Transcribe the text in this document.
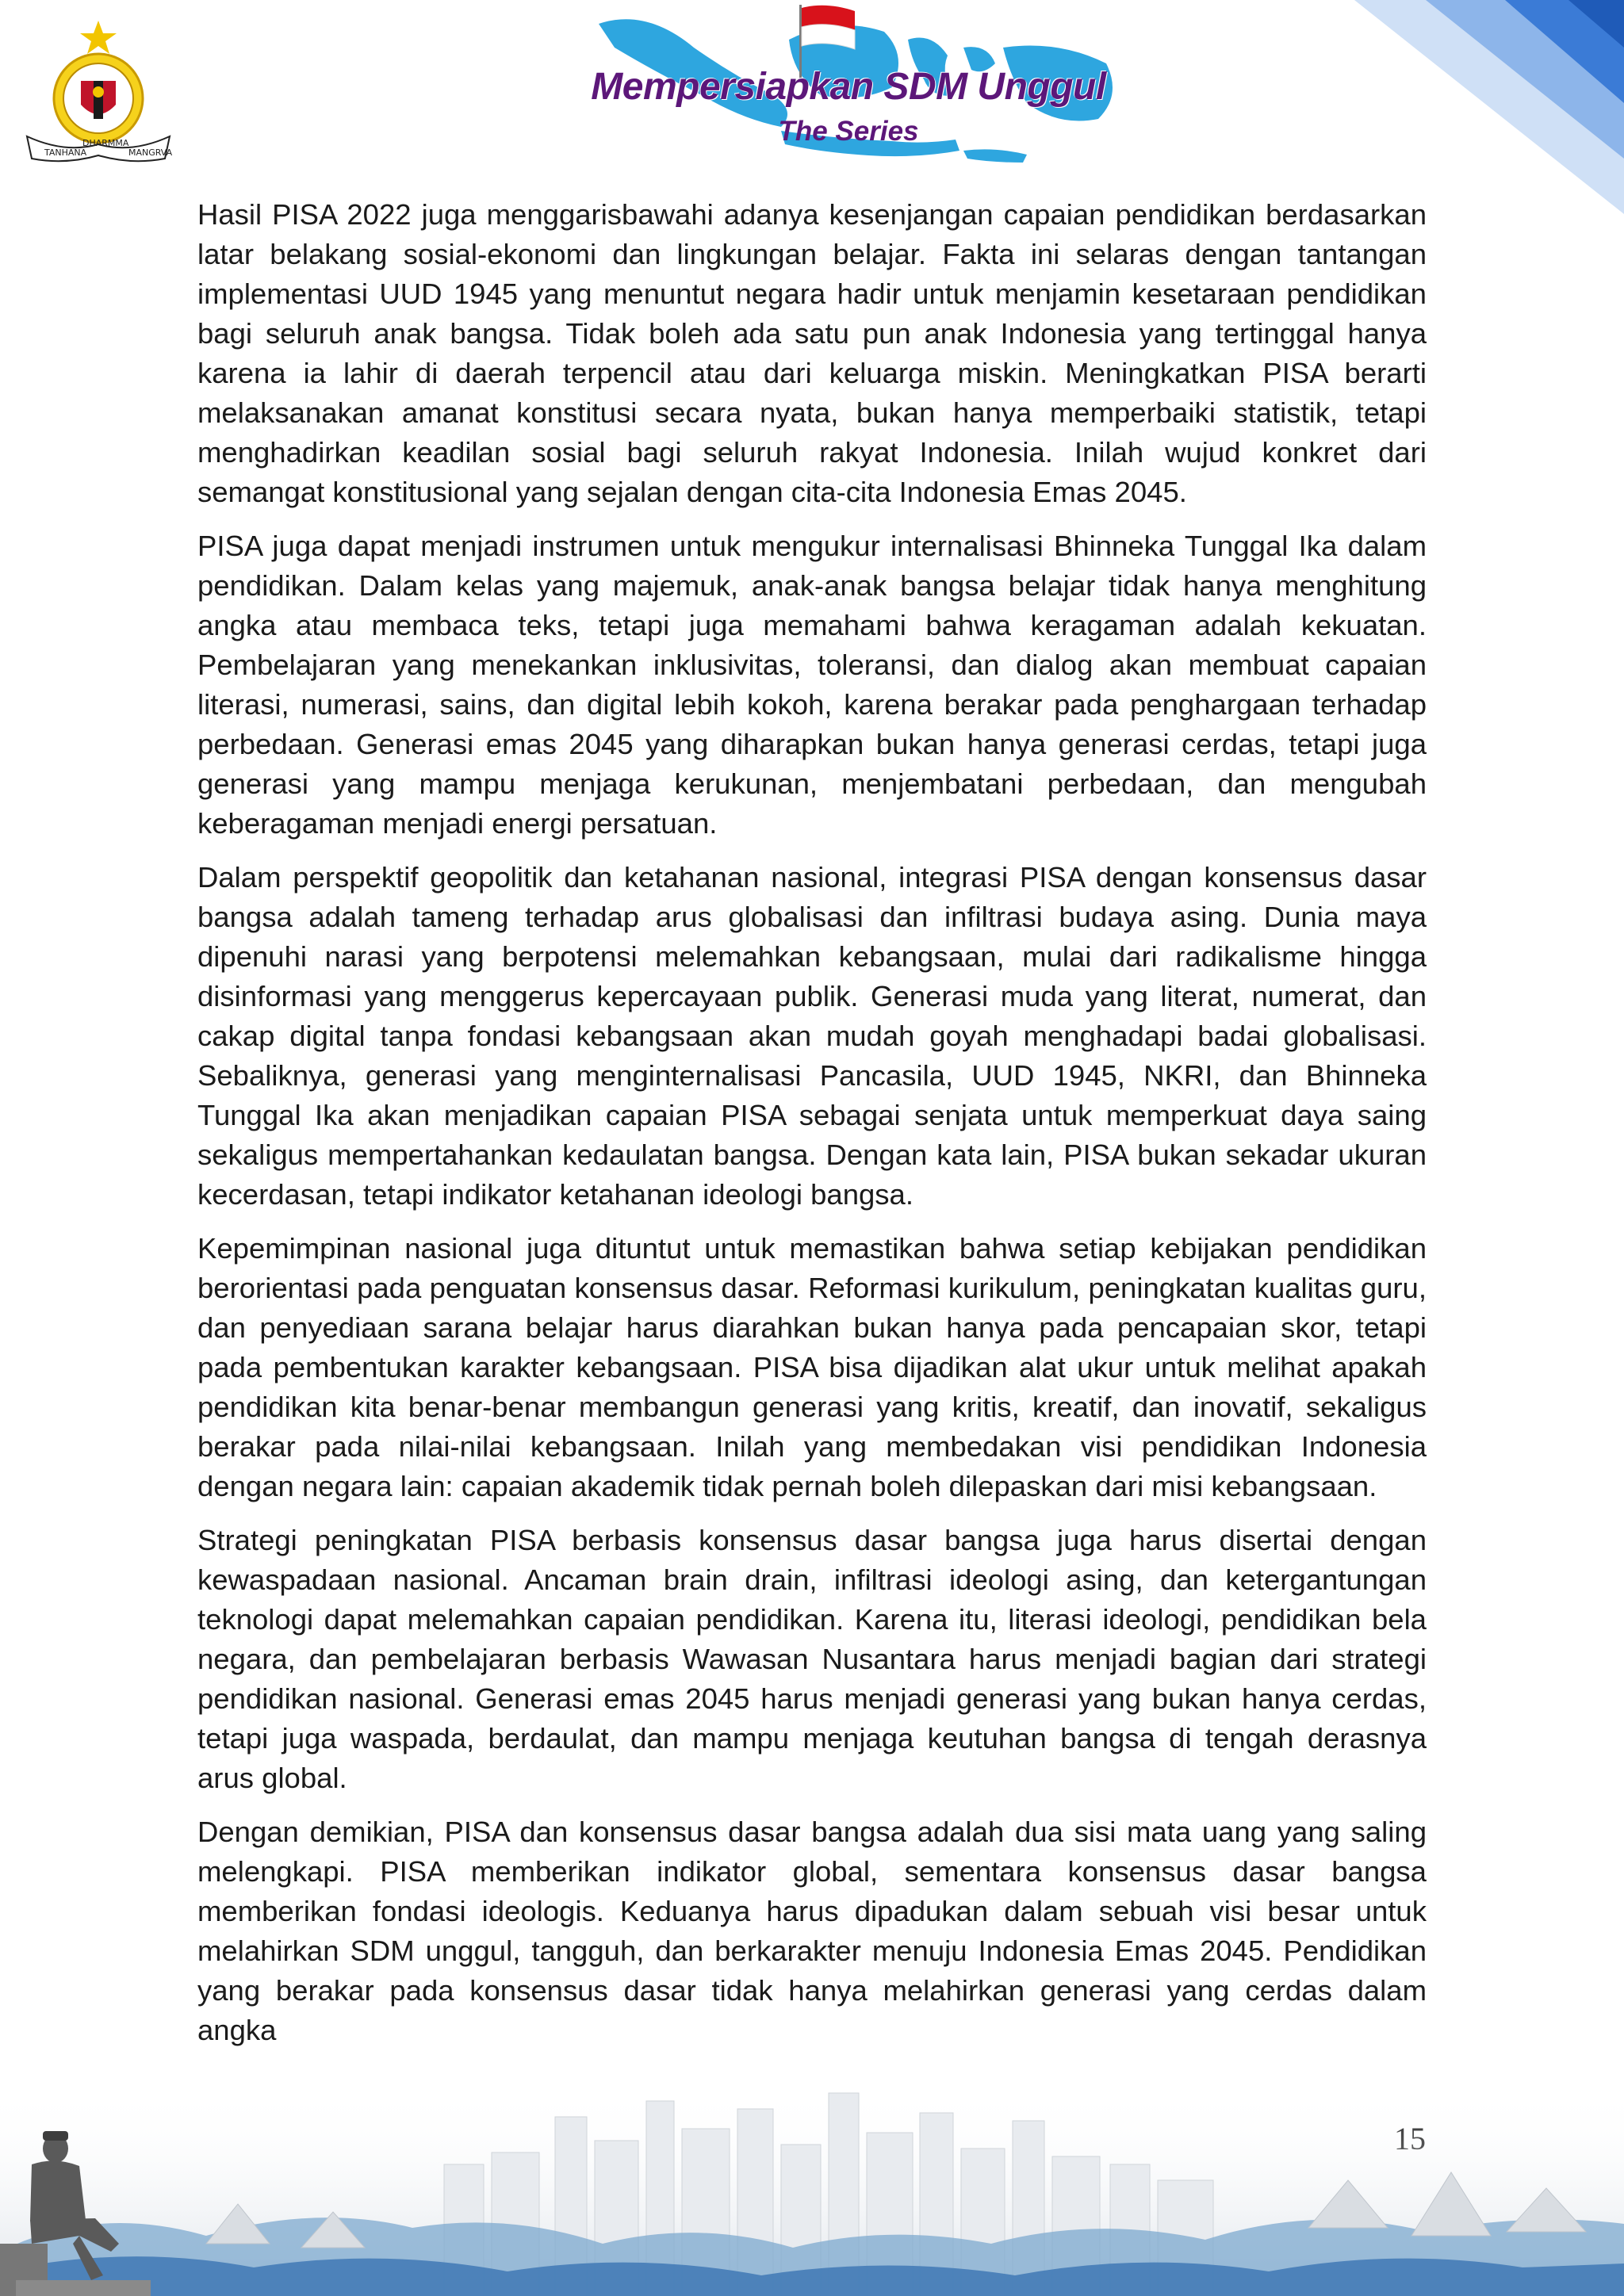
TANHANA
DHARMMA
MANGRVA
Mempersiapkan SDM Unggul
The Series

Hasil PISA 2022 juga menggarisbawahi adanya kesenjangan capaian pendidikan berdasarkan latar belakang sosial-ekonomi dan lingkungan belajar. Fakta ini selaras dengan tantangan implementasi UUD 1945 yang menuntut negara hadir untuk menjamin kesetaraan pendidikan bagi seluruh anak bangsa. Tidak boleh ada satu pun anak Indonesia yang tertinggal hanya karena ia lahir di daerah terpencil atau dari keluarga miskin. Meningkatkan PISA berarti melaksanakan amanat konstitusi secara nyata, bukan hanya memperbaiki statistik, tetapi menghadirkan keadilan sosial bagi seluruh rakyat Indonesia. Inilah wujud konkret dari semangat konstitusional yang sejalan dengan cita-cita Indonesia Emas 2045.

PISA juga dapat menjadi instrumen untuk mengukur internalisasi Bhinneka Tunggal Ika dalam pendidikan. Dalam kelas yang majemuk, anak-anak bangsa belajar tidak hanya menghitung angka atau membaca teks, tetapi juga memahami bahwa keragaman adalah kekuatan. Pembelajaran yang menekankan inklusivitas, toleransi, dan dialog akan membuat capaian literasi, numerasi, sains, dan digital lebih kokoh, karena berakar pada penghargaan terhadap perbedaan. Generasi emas 2045 yang diharapkan bukan hanya generasi cerdas, tetapi juga generasi yang mampu menjaga kerukunan, menjembatani perbedaan, dan mengubah keberagaman menjadi energi persatuan.

Dalam perspektif geopolitik dan ketahanan nasional, integrasi PISA dengan konsensus dasar bangsa adalah tameng terhadap arus globalisasi dan infiltrasi budaya asing. Dunia maya dipenuhi narasi yang berpotensi melemahkan kebangsaan, mulai dari radikalisme hingga disinformasi yang menggerus kepercayaan publik. Generasi muda yang literat, numerat, dan cakap digital tanpa fondasi kebangsaan akan mudah goyah menghadapi badai globalisasi. Sebaliknya, generasi yang menginternalisasi Pancasila, UUD 1945, NKRI, dan Bhinneka Tunggal Ika akan menjadikan capaian PISA sebagai senjata untuk memperkuat daya saing sekaligus mempertahankan kedaulatan bangsa. Dengan kata lain, PISA bukan sekadar ukuran kecerdasan, tetapi indikator ketahanan ideologi bangsa.

Kepemimpinan nasional juga dituntut untuk memastikan bahwa setiap kebijakan pendidikan berorientasi pada penguatan konsensus dasar. Reformasi kurikulum, peningkatan kualitas guru, dan penyediaan sarana belajar harus diarahkan bukan hanya pada pencapaian skor, tetapi pada pembentukan karakter kebangsaan. PISA bisa dijadikan alat ukur untuk melihat apakah pendidikan kita benar-benar membangun generasi yang kritis, kreatif, dan inovatif, sekaligus berakar pada nilai-nilai kebangsaan. Inilah yang membedakan visi pendidikan Indonesia dengan negara lain: capaian akademik tidak pernah boleh dilepaskan dari misi kebangsaan.

Strategi peningkatan PISA berbasis konsensus dasar bangsa juga harus disertai dengan kewaspadaan nasional. Ancaman brain drain, infiltrasi ideologi asing, dan ketergantungan teknologi dapat melemahkan capaian pendidikan. Karena itu, literasi ideologi, pendidikan bela negara, dan pembelajaran berbasis Wawasan Nusantara harus menjadi bagian dari strategi pendidikan nasional. Generasi emas 2045 harus menjadi generasi yang bukan hanya cerdas, tetapi juga waspada, berdaulat, dan mampu menjaga keutuhan bangsa di tengah derasnya arus global.

Dengan demikian, PISA dan konsensus dasar bangsa adalah dua sisi mata uang yang saling melengkapi. PISA memberikan indikator global, sementara konsensus dasar bangsa memberikan fondasi ideologis. Keduanya harus dipadukan dalam sebuah visi besar untuk melahirkan SDM unggul, tangguh, dan berkarakter menuju Indonesia Emas 2045. Pendidikan yang berakar pada konsensus dasar tidak hanya melahirkan generasi yang cerdas dalam angka
